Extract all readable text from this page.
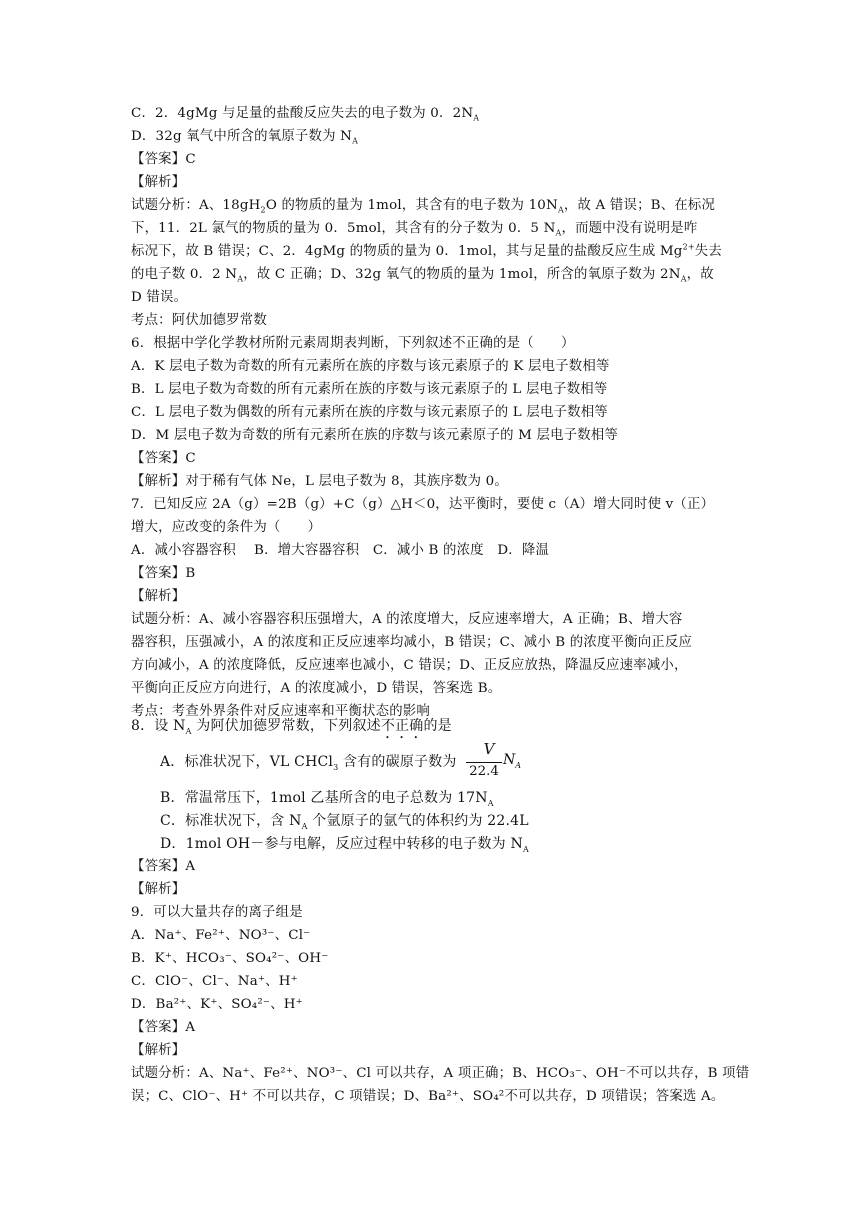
C．2．4gMg 与足量的盐酸反应失去的电子数为 0．$2N_A$
D．32g 氧气中所含的氧原子数为 $N_A$
【答案】C
【解析】
试题分析：A、$18gH_2O$ 的物质的量为 1mol，其含有的电子数为 $10N_A$，故 A 错误；B、在标况
下，11．2L 氯气的物质的量为 0．5mol，其含有的分子数为 0．5 $N_A$，而题中没有说明是咋
标况下，故 B 错误；C、2．4gMg 的物质的量为 0．1mol，其与足量的盐酸反应生成 $Mg^{2+}$失去
的电子数 0．2 $N_A$，故 C 正确；D、32g 氧气的物质的量为 1mol，所含的氧原子数为 $2N_A$，故
D 错误。
考点：阿伏加德罗常数
6．根据中学化学教材所附元素周期表判断，下列叙述不正确的是（　　）
A．K 层电子数为奇数的所有元素所在族的序数与该元素原子的 K 层电子数相等
B．L 层电子数为奇数的所有元素所在族的序数与该元素原子的 L 层电子数相等
C．L 层电子数为偶数的所有元素所在族的序数与该元素原子的 L 层电子数相等
D．M 层电子数为奇数的所有元素所在族的序数与该元素原子的 M 层电子数相等
【答案】C
【解析】对于稀有气体 Ne，L 层电子数为 8，其族序数为 0。
7．已知反应 2A（g）=2B（g）+C（g）△H＜0，达平衡时，要使 c（A）增大同时使 v（正）
增大，应改变的条件为（　　）
A．减小容器容积　 B．增大容器容积　C．减小 B 的浓度　D．降温
【答案】B
【解析】
试题分析：A、减小容器容积压强增大，A 的浓度增大，反应速率增大，A 正确；B、增大容
器容积，压强减小，A 的浓度和正反应速率均减小，B 错误；C、减小 B 的浓度平衡向正反应
方向减小，A 的浓度降低，反应速率也减小，C 错误；D、正反应放热，降温反应速率减小，
平衡向正反应方向进行，A 的浓度减小，D 错误，答案选 B。
考点：考查外界条件对反应速率和平衡状态的影响
8．设 $N_A$ 为阿伏加德罗常数，下列叙述不正确的是
A．标准状况下，VL CHCl$_3$ 含有的碳原子数为
V
22.4
$N_A$
B．常温常压下，1mol 乙基所含的电子总数为 $17N_A$
C．标准状况下，含 $N_A$ 个氩原子的氩气的体积约为 22.4L
D．1mol OH－参与电解，反应过程中转移的电子数为 $N_A$
【答案】A
【解析】
9．可以大量共存的离子组是
A．Na⁺、Fe²⁺、NO³⁻、Cl⁻
B．K⁺、HCO₃⁻、SO₄²⁻、OH⁻
C．ClO⁻、Cl⁻、Na⁺、H⁺
D．Ba²⁺、K⁺、SO₄²⁻、H⁺
【答案】A
【解析】
试题分析：A、Na⁺、Fe²⁺、NO³⁻、Cl 可以共存，A 项正确；B、HCO₃⁻、OH⁻不可以共存，B 项错
误；C、ClO⁻、H⁺ 不可以共存，C 项错误；D、Ba²⁺、SO₄²不可以共存，D 项错误；答案选 A。
